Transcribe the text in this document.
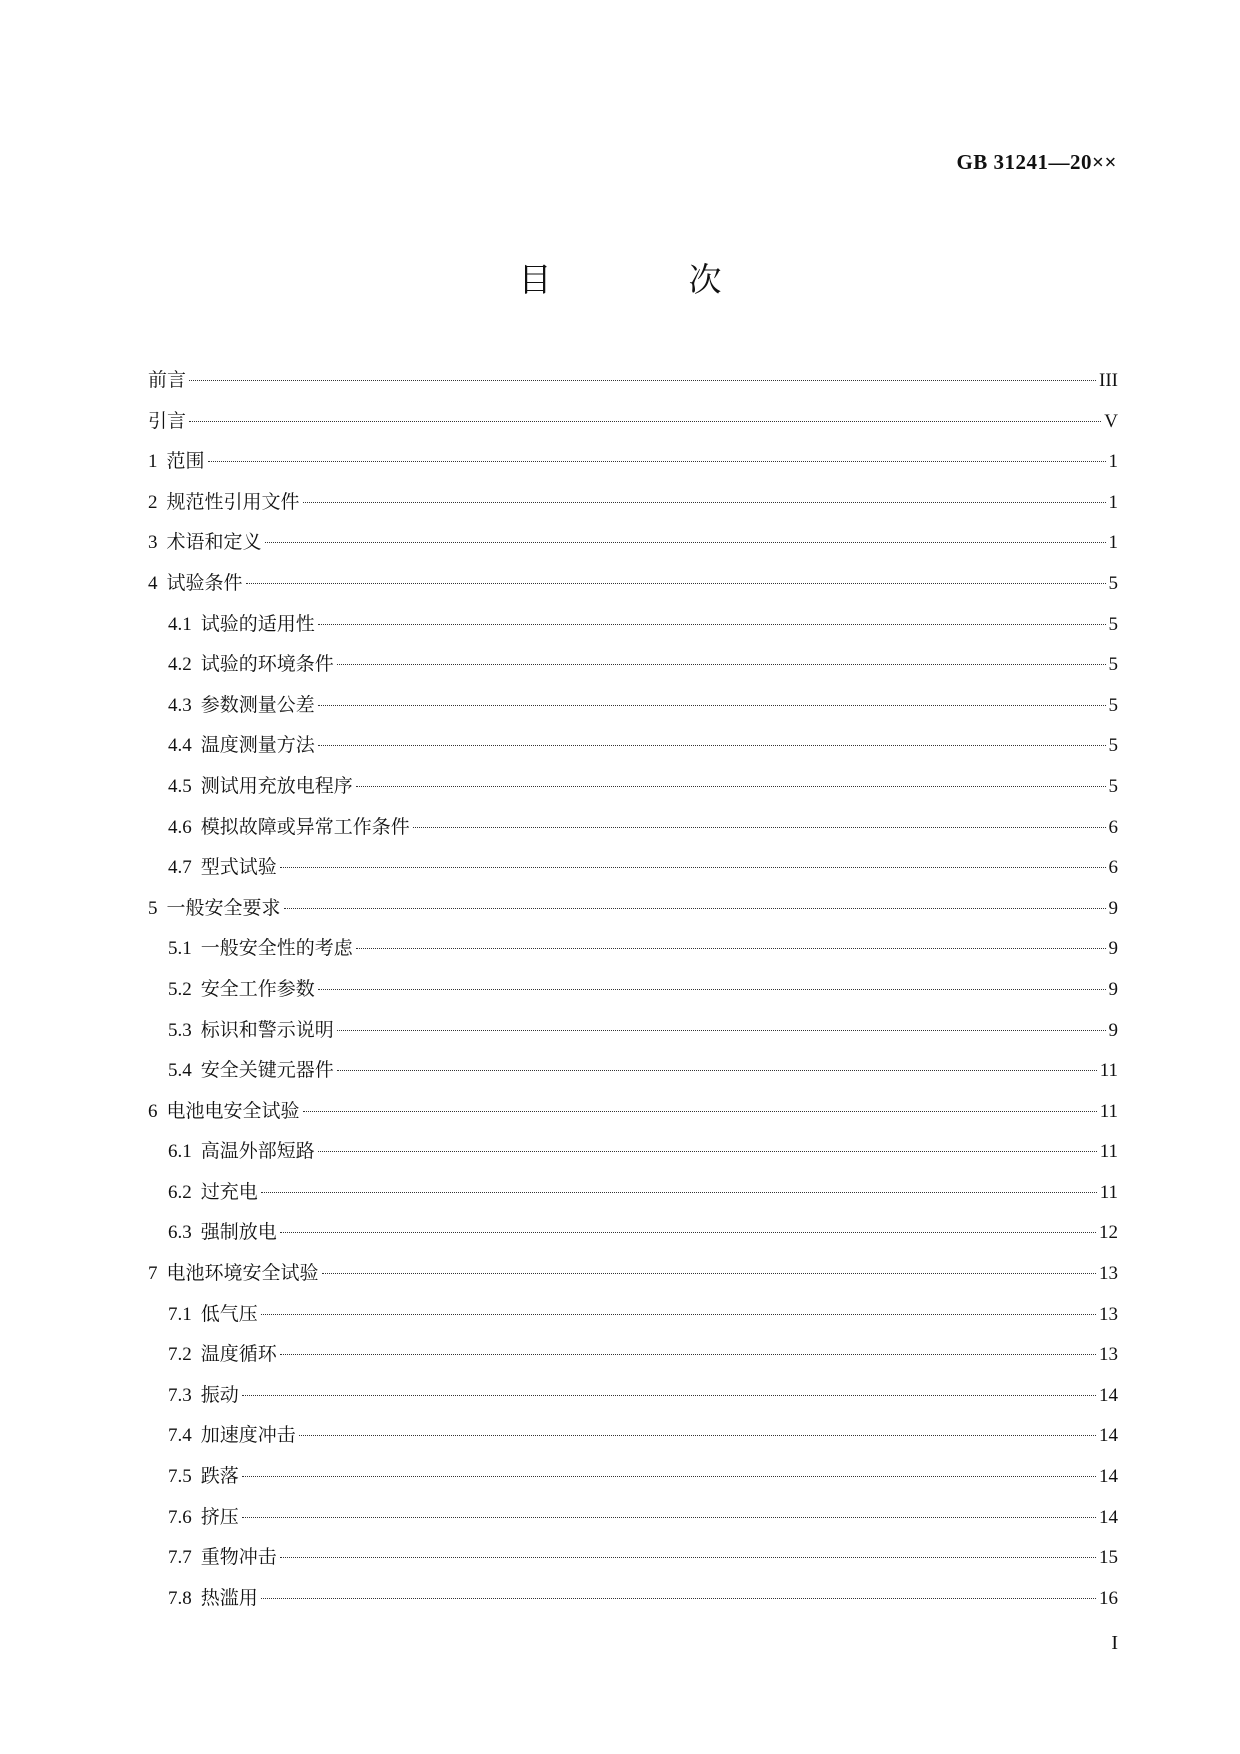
GB 31241—20××
目　次
前言	III
引言	V
1 范围	1
2 规范性引用文件	1
3 术语和定义	1
4 试验条件	5
4.1 试验的适用性	5
4.2 试验的环境条件	5
4.3 参数测量公差	5
4.4 温度测量方法	5
4.5 测试用充放电程序	5
4.6 模拟故障或异常工作条件	6
4.7 型式试验	6
5 一般安全要求	9
5.1 一般安全性的考虑	9
5.2 安全工作参数	9
5.3 标识和警示说明	9
5.4 安全关键元器件	11
6 电池电安全试验	11
6.1 高温外部短路	11
6.2 过充电	11
6.3 强制放电	12
7 电池环境安全试验	13
7.1 低气压	13
7.2 温度循环	13
7.3 振动	14
7.4 加速度冲击	14
7.5 跌落	14
7.6 挤压	14
7.7 重物冲击	15
7.8 热滥用	16
I
